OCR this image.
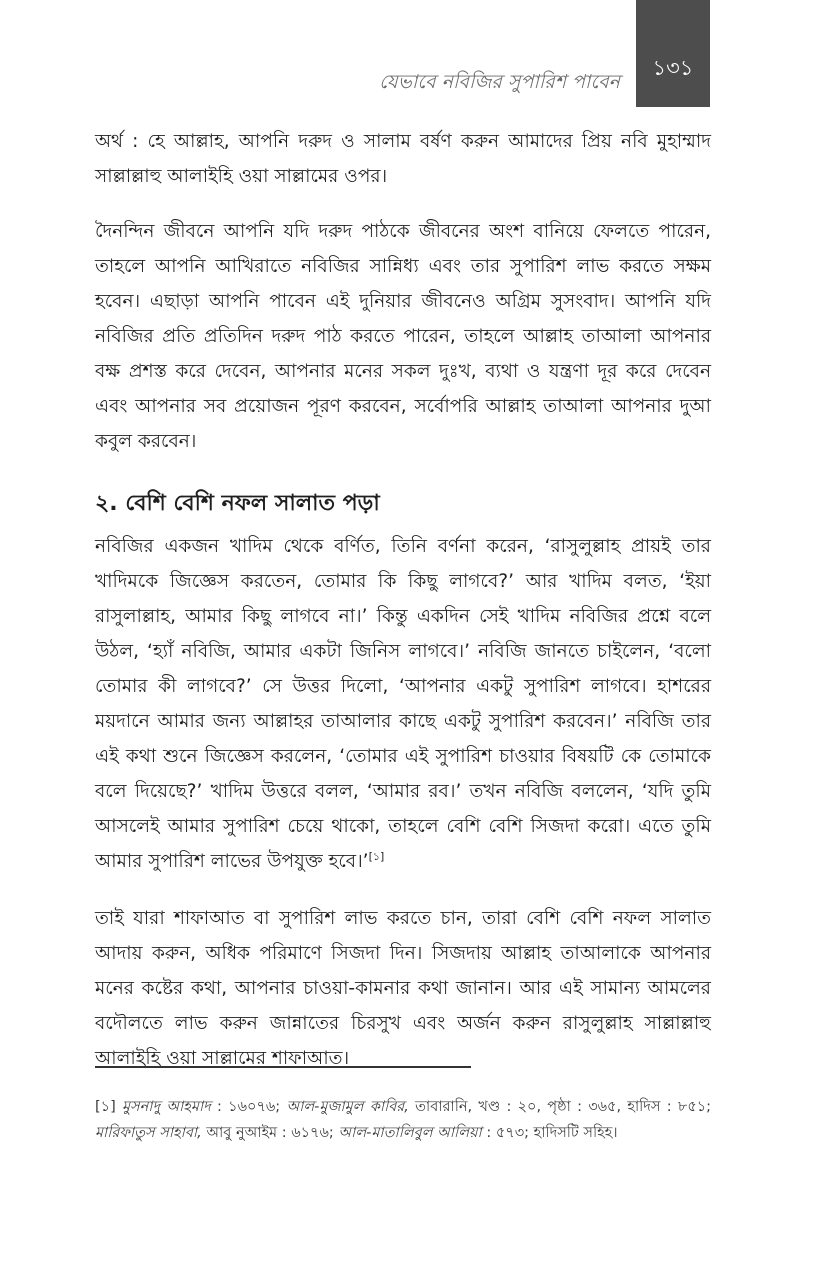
যেভাবে নবিজির সুপারিশ পাবেন
১৩১

অর্থ : হে আল্লাহ, আপনি দরুদ ও সালাম বর্ষণ করুন আমাদের প্রিয় নবি মুহাম্মাদ সাল্লাল্লাহু আলাইহি ওয়া সাল্লামের ওপর।

দৈনন্দিন জীবনে আপনি যদি দরুদ পাঠকে জীবনের অংশ বানিয়ে ফেলতে পারেন, তাহলে আপনি আখিরাতে নবিজির সান্নিধ্য এবং তার সুপারিশ লাভ করতে সক্ষম হবেন। এছাড়া আপনি পাবেন এই দুনিয়ার জীবনেও অগ্রিম সুসংবাদ। আপনি যদি নবিজির প্রতি প্রতিদিন দরুদ পাঠ করতে পারেন, তাহলে আল্লাহ তাআলা আপনার বক্ষ প্রশস্ত করে দেবেন, আপনার মনের সকল দুঃখ, ব্যথা ও যন্ত্রণা দূর করে দেবেন এবং আপনার সব প্রয়োজন পূরণ করবেন, সর্বোপরি আল্লাহ তাআলা আপনার দুআ কবুল করবেন।

২. বেশি বেশি নফল সালাত পড়া

নবিজির একজন খাদিম থেকে বর্ণিত, তিনি বর্ণনা করেন, ‘রাসুলুল্লাহ প্রায়ই তার খাদিমকে জিজ্ঞেস করতেন, তোমার কি কিছু লাগবে?’ আর খাদিম বলত, ‘ইয়া রাসুলাল্লাহ, আমার কিছু লাগবে না।’ কিন্তু একদিন সেই খাদিম নবিজির প্রশ্নে বলে উঠল, ‘হ্যাঁ নবিজি, আমার একটা জিনিস লাগবে।’ নবিজি জানতে চাইলেন, ‘বলো তোমার কী লাগবে?’ সে উত্তর দিলো, ‘আপনার একটু সুপারিশ লাগবে। হাশরের ময়দানে আমার জন্য আল্লাহর তাআলার কাছে একটু সুপারিশ করবেন।’ নবিজি তার এই কথা শুনে জিজ্ঞেস করলেন, ‘তোমার এই সুপারিশ চাওয়ার বিষয়টি কে তোমাকে বলে দিয়েছে?’ খাদিম উত্তরে বলল, ‘আমার রব।’ তখন নবিজি বললেন, ‘যদি তুমি আসলেই আমার সুপারিশ চেয়ে থাকো, তাহলে বেশি বেশি সিজদা করো। এতে তুমি আমার সুপারিশ লাভের উপযুক্ত হবে।’[১]

তাই যারা শাফাআত বা সুপারিশ লাভ করতে চান, তারা বেশি বেশি নফল সালাত আদায় করুন, অধিক পরিমাণে সিজদা দিন। সিজদায় আল্লাহ তাআলাকে আপনার মনের কষ্টের কথা, আপনার চাওয়া-কামনার কথা জানান। আর এই সামান্য আমলের বদৌলতে লাভ করুন জান্নাতের চিরসুখ এবং অর্জন করুন রাসুলুল্লাহ সাল্লাল্লাহু আলাইহি ওয়া সাল্লামের শাফাআত।

[১] মুসনাদু আহমাদ : ১৬০৭৬; আল-মুজামুল কাবির, তাবারানি, খণ্ড : ২০, পৃষ্ঠা : ৩৬৫, হাদিস : ৮৫১; মারিফাতুস সাহাবা, আবু নুআইম : ৬১৭৬; আল-মাতালিবুল আলিয়া : ৫৭৩; হাদিসটি সহিহ।
